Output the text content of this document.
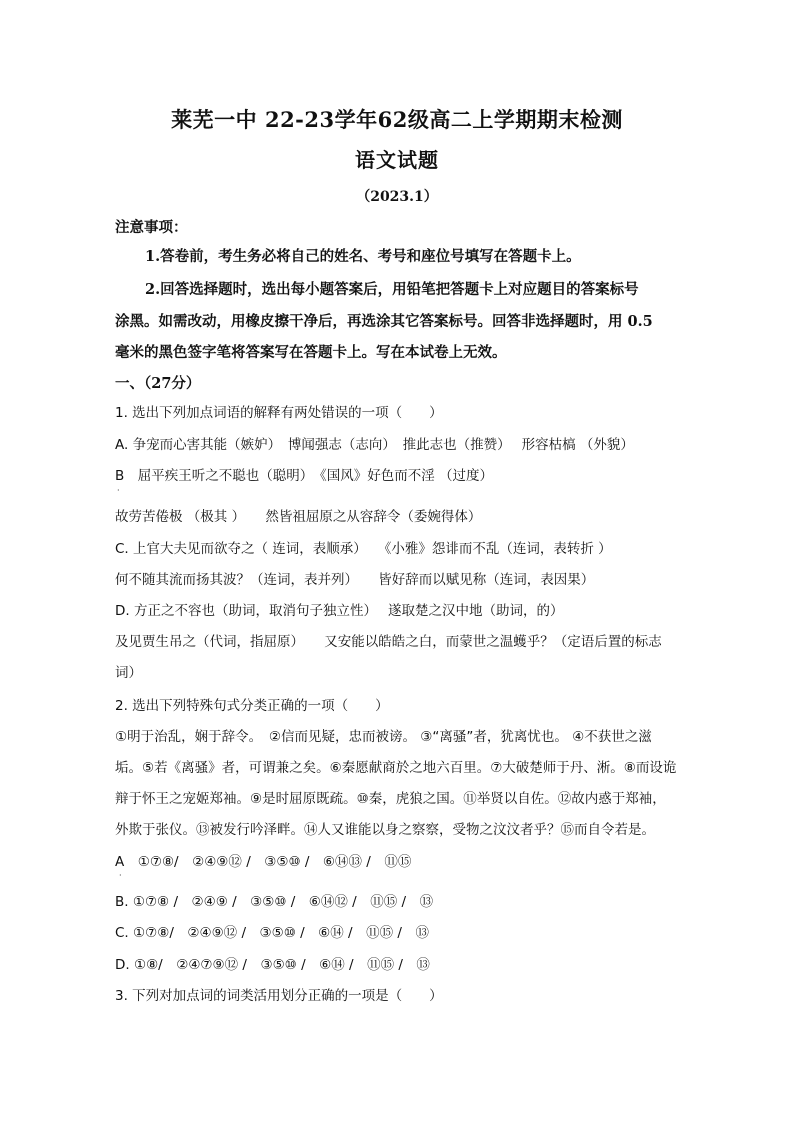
莱芜一中 22-23学年62级高二上学期期末检测
语文试题
（2023.1）
注意事项：
1.答卷前，考生务必将自己的姓名、考号和座位号填写在答题卡上。
2.回答选择题时，选出每小题答案后，用铅笔把答题卡上对应题目的答案标号
涂黑。如需改动，用橡皮擦干净后，再选涂其它答案标号。回答非选择题时，用 0.5
毫米的黑色签字笔将答案写在答题卡上。写在本试卷上无效。
一、（27分）
1. 选出下列加点词语的解释有两处错误的一项（　　）
A. 争宠而心害其能（嫉妒）　博闻强志（志向）　推此志也（推赞）　 形容枯槁 （外貌）
B　屈平疾王听之不聪也（聪明）　《国风》好色而不淫 （过度）
·
故劳苦倦极 （极其 ）　　然皆祖屈原之从容辞令（委婉得体）
C. 上官大夫见而欲夺之（ 连词，表顺承）　 《小雅》怨诽而不乱（连词，表转折 ）
何不随其流而扬其波？（连词，表并列）　　皆好辞而以赋见称（连词，表因果）
D. 方正之不容也（助词，取消句子独立性）　 遂取楚之汉中地（助词，的）
及见贾生吊之（代词，指屈原）　　又安能以皓皓之白，而蒙世之温蠖乎？（定语后置的标志
词）
2. 选出下列特殊句式分类正确的一项（　　）
①明于治乱，娴于辞令。　②信而见疑，忠而被谤。 ③“离骚”者，犹离忧也。 ④不获世之滋
垢。⑤若《离骚》者，可谓兼之矣。⑥秦愿献商於之地六百里。⑦大破楚师于丹、淅。⑧而设诡
辩于怀王之宠姬郑袖。⑨是时屈原既疏。⑩秦，虎狼之国。⑪举贤以自佐。⑫故内惑于郑袖，
外欺于张仪。⑬被发行吟泽畔。⑭人又谁能以身之察察，受物之汶汶者乎？⑮而自令若是。
A　①⑦⑧/　②④⑨⑫ /　③⑤⑩ /　⑥⑭⑬ /　⑪⑮
·
B. ①⑦⑧ /　②④⑨ /　③⑤⑩ /　⑥⑭⑫ /　⑪⑮ /　⑬
C. ①⑦⑧/　②④⑨⑫ /　③⑤⑩ /　⑥⑭ /　⑪⑮ /　⑬
D. ①⑧/　②④⑦⑨⑫ /　③⑤⑩ /　⑥⑭ /　⑪⑮ /　⑬
3. 下列对加点词的词类活用划分正确的一项是（　　）
